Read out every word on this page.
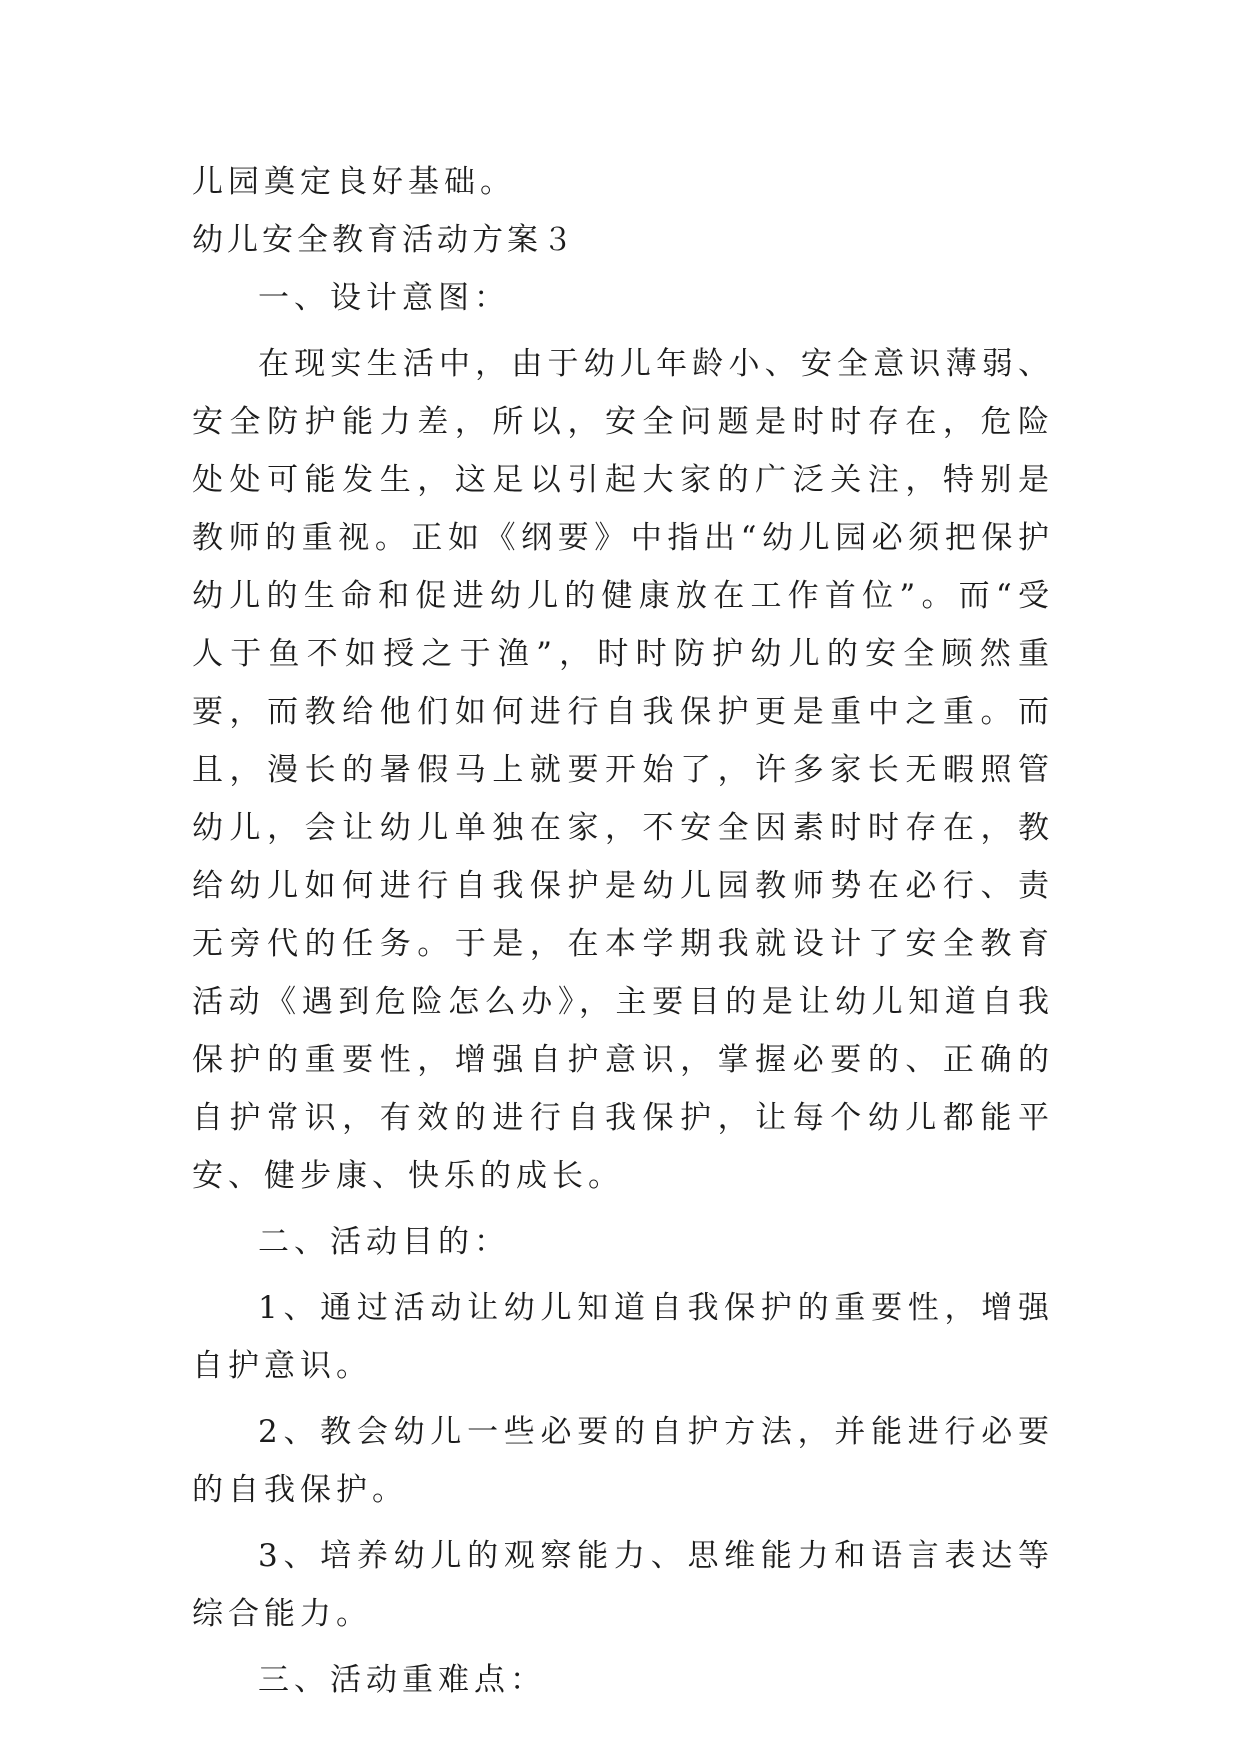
儿园奠定良好基础。

幼儿安全教育活动方案３

一、设计意图：

在现实生活中，由于幼儿年龄小、安全意识薄弱、安全防护能力差，所以，安全问题是时时存在，危险处处可能发生，这足以引起大家的广泛关注，特别是教师的重视。正如《纲要》中指出“幼儿园必须把保护幼儿的生命和促进幼儿的健康放在工作首位”。而“受人于鱼不如授之于渔”，时时防护幼儿的安全顾然重要，而教给他们如何进行自我保护更是重中之重。而且，漫长的暑假马上就要开始了，许多家长无暇照管幼儿，会让幼儿单独在家，不安全因素时时存在，教给幼儿如何进行自我保护是幼儿园教师势在必行、责无旁代的任务。于是，在本学期我就设计了安全教育活动《遇到危险怎么办》，主要目的是让幼儿知道自我保护的重要性，增强自护意识，掌握必要的、正确的自护常识，有效的进行自我保护，让每个幼儿都能平安、健步康、快乐的成长。

二、活动目的：

1、通过活动让幼儿知道自我保护的重要性，增强自护意识。

2、教会幼儿一些必要的自护方法，并能进行必要的自我保护。

3、培养幼儿的观察能力、思维能力和语言表达等综合能力。

三、活动重难点：
